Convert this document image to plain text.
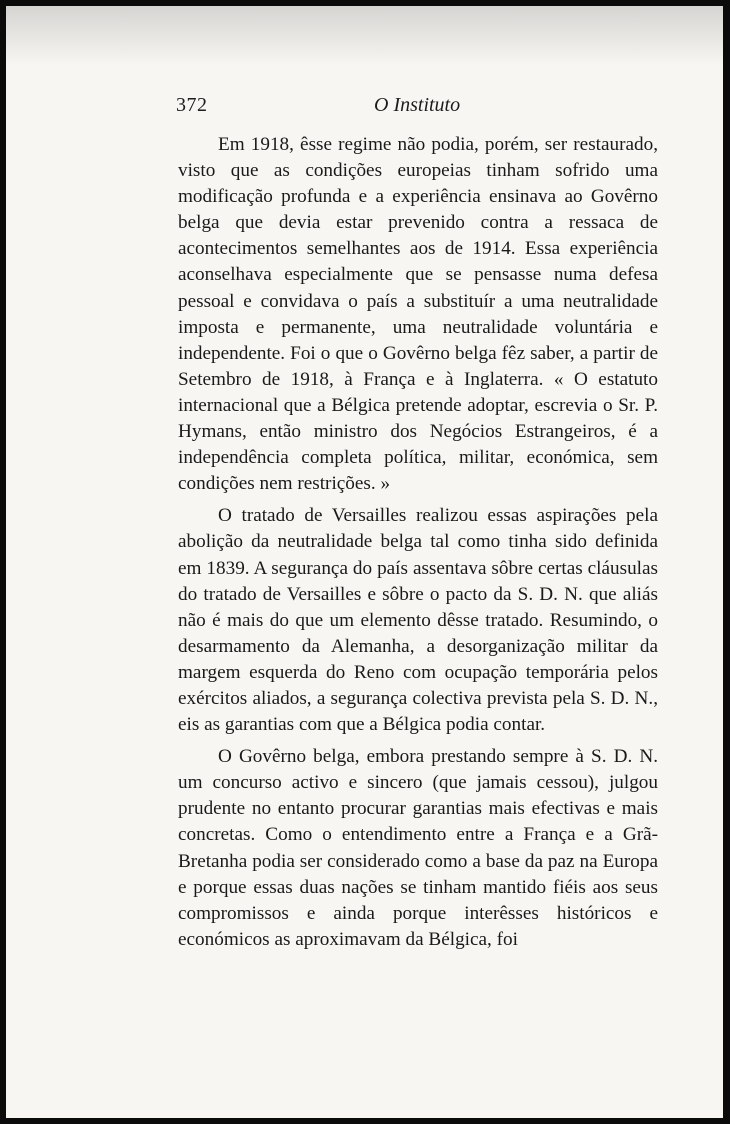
372	O Instituto

Em 1918, êsse regime não podia, porém, ser restaurado, visto que as condições europeias tinham sofrido uma modificação profunda e a experiência ensinava ao Govêrno belga que devia estar prevenido contra a ressaca de acontecimentos semelhantes aos de 1914. Essa experiência aconselhava especialmente que se pensasse numa defesa pessoal e convidava o país a substituír a uma neutralidade imposta e permanente, uma neutralidade voluntária e independente. Foi o que o Govêrno belga fêz saber, a partir de Setembro de 1918, à França e à Inglaterra. « O estatuto internacional que a Bélgica pretende adoptar, escrevia o Sr. P. Hymans, então ministro dos Negócios Estrangeiros, é a independência completa política, militar, económica, sem condições nem restrições. »

O tratado de Versailles realizou essas aspirações pela abolição da neutralidade belga tal como tinha sido definida em 1839. A segurança do país assentava sôbre certas cláusulas do tratado de Versailles e sôbre o pacto da S. D. N. que aliás não é mais do que um elemento dêsse tratado. Resumindo, o desarmamento da Alemanha, a desorganização militar da margem esquerda do Reno com ocupação temporária pelos exércitos aliados, a segurança colectiva prevista pela S. D. N., eis as garantias com que a Bélgica podia contar.

O Govêrno belga, embora prestando sempre à S. D. N. um concurso activo e sincero (que jamais cessou), julgou prudente no entanto procurar garantias mais efectivas e mais concretas. Como o entendimento entre a França e a Grã-Bretanha podia ser considerado como a base da paz na Europa e porque essas duas nações se tinham mantido fiéis aos seus compromissos e ainda porque interêsses históricos e económicos as aproximavam da Bélgica, foi
